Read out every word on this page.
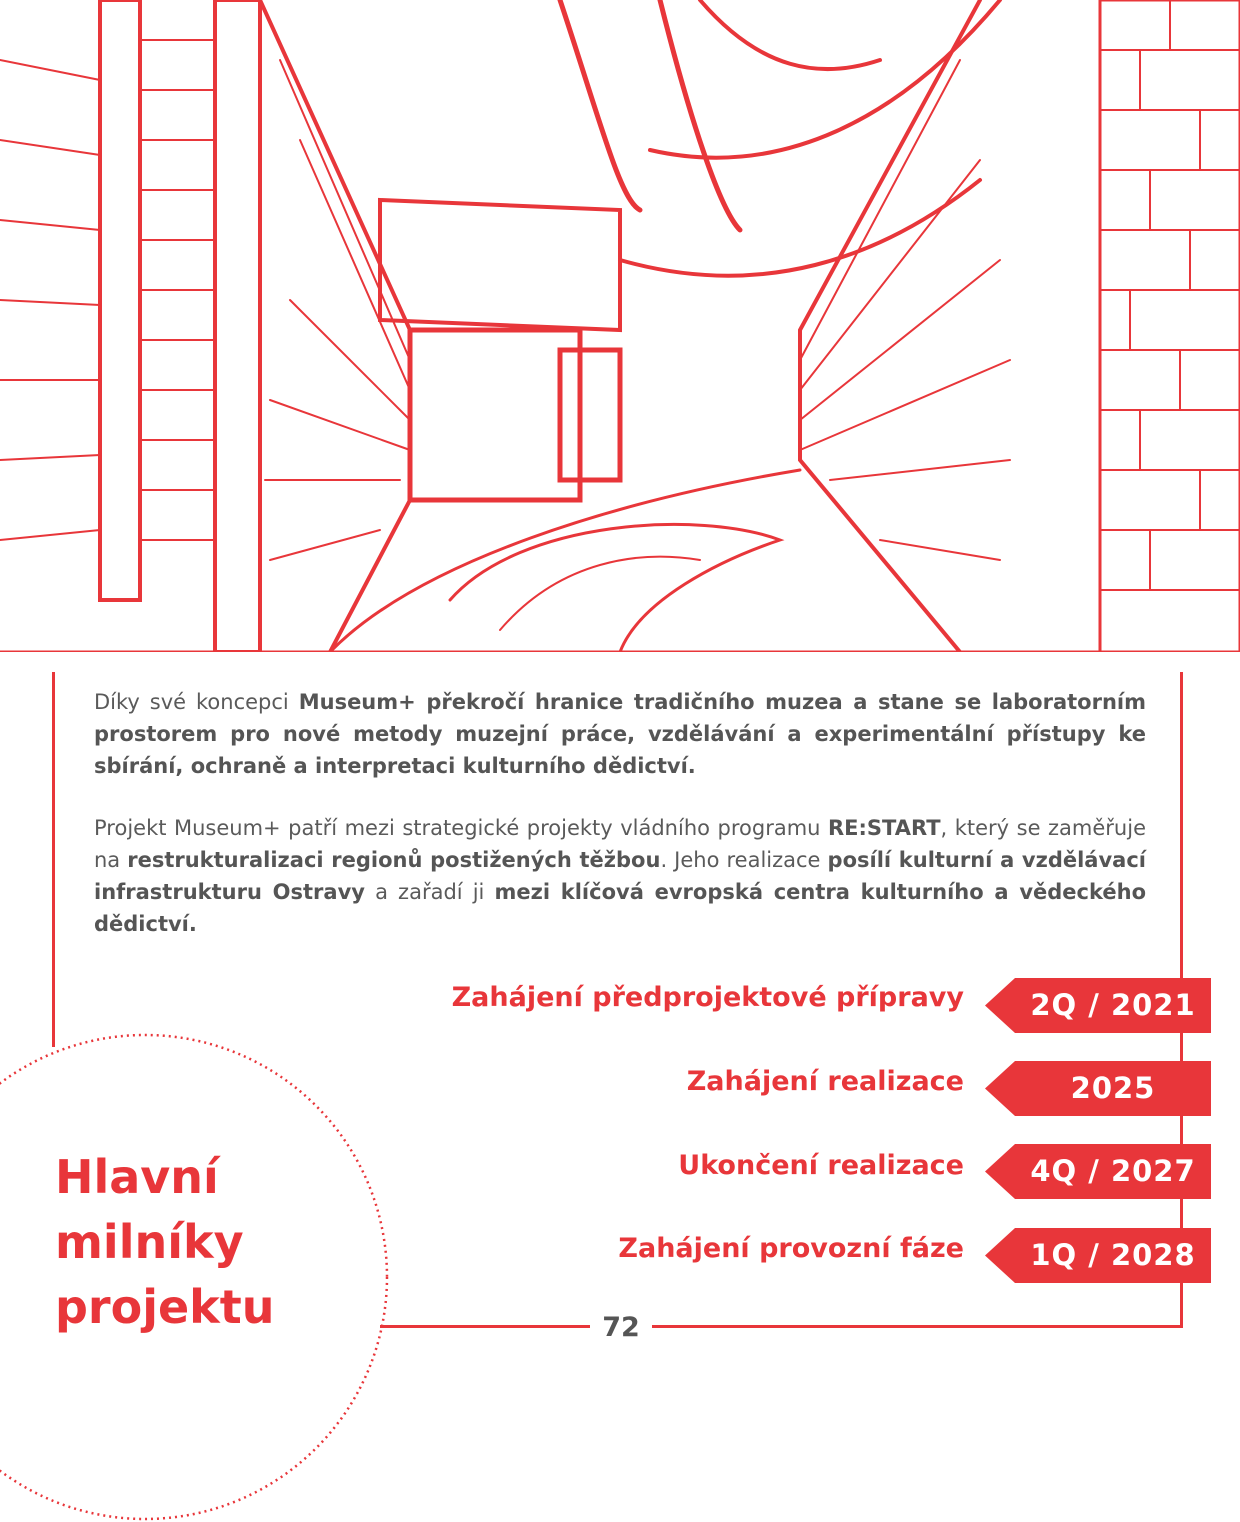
Díky své koncepci Museum+ překročí hranice tradičního muzea a stane se laboratorním prostorem pro nové metody muzejní práce, vzdělávání a experimentální přístupy ke sbírání, ochraně a interpretaci kulturního dědictví.
Projekt Museum+ patří mezi strategické projekty vládního programu RE:START, který se zaměřuje na restrukturalizaci regionů postižených těžbou. Jeho realizace posílí kulturní a vzdělávací infrastrukturu Ostravy a zařadí ji mezi klíčová evropská centra kulturního a vědeckého dědictví.
Zahájení předprojektové přípravy	2Q / 2021
Zahájení realizace	2025
Ukončení realizace	4Q / 2027
Zahájení provozní fáze	1Q / 2028
Hlavní
milníky
projektu	72
